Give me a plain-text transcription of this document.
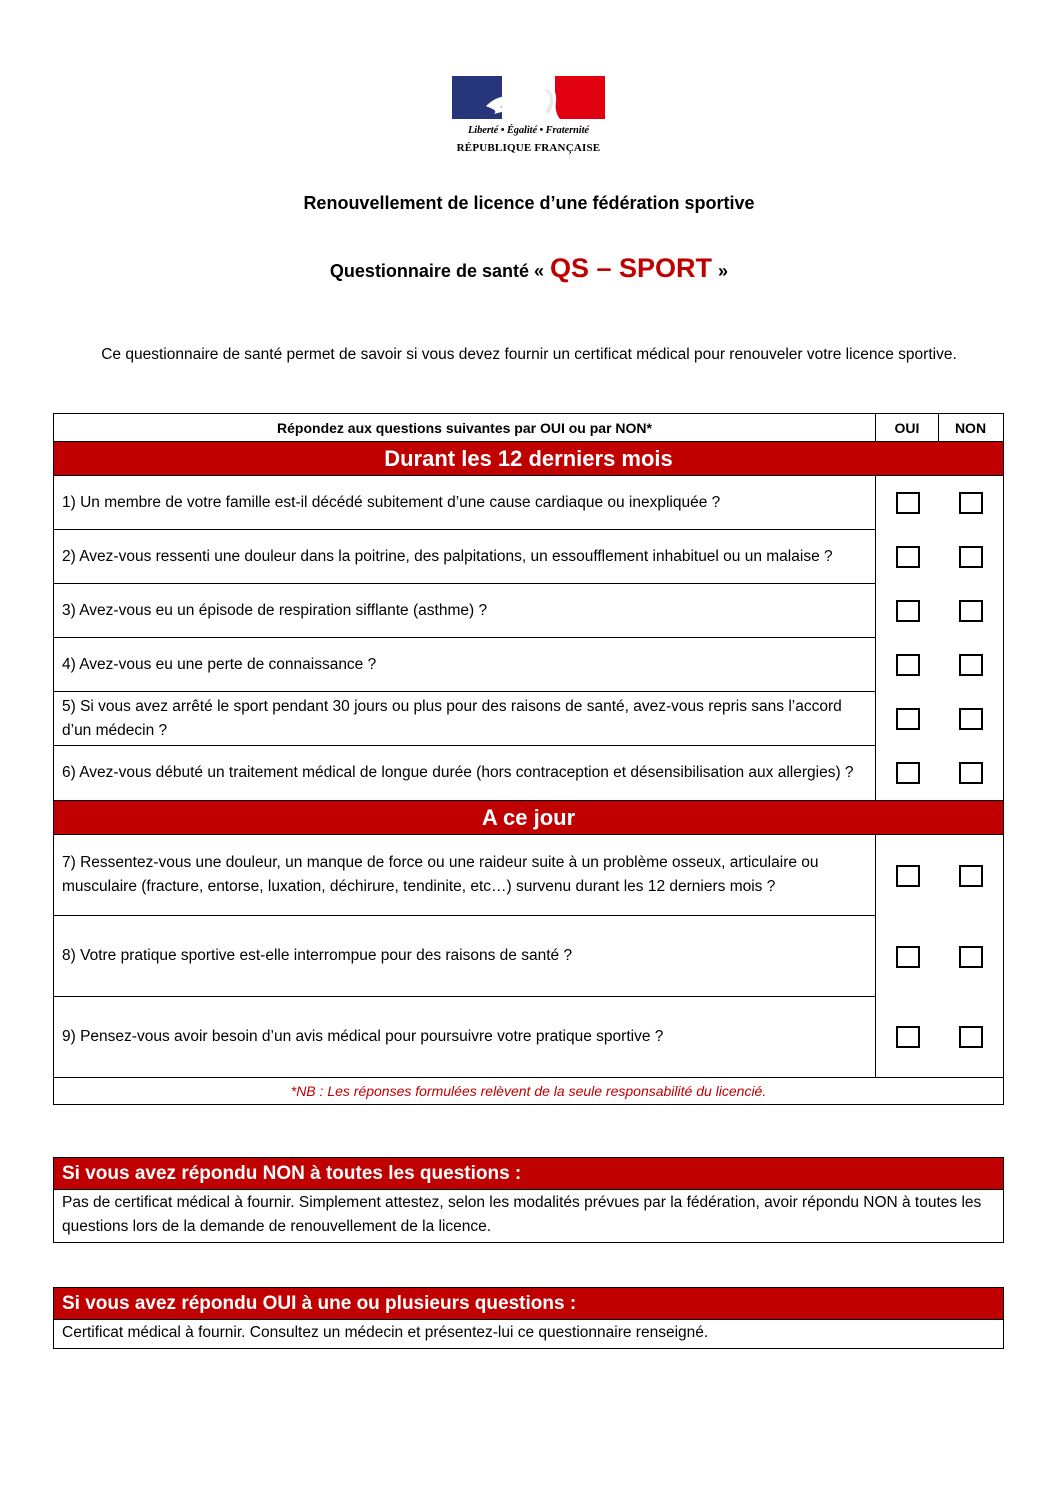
Liberté • Égalité • Fraternité
RÉPUBLIQUE FRANÇAISE
Renouvellement de licence d’une fédération sportive
Questionnaire de santé « QS – SPORT »
Ce questionnaire de santé permet de savoir si vous devez fournir un certificat médical pour renouveler votre licence sportive.
Répondez aux questions suivantes par OUI ou par NON*	OUI	NON
Durant les 12 derniers mois
1) Un membre de votre famille est-il décédé subitement d’une cause cardiaque ou inexpliquée ?
2) Avez-vous ressenti une douleur dans la poitrine, des palpitations, un essoufflement inhabituel ou un malaise ?
3) Avez-vous eu un épisode de respiration sifflante (asthme) ?
4) Avez-vous eu une perte de connaissance ?
5) Si vous avez arrêté le sport pendant 30 jours ou plus pour des raisons de santé, avez-vous repris sans l’accord d’un médecin ?
6) Avez-vous débuté un traitement médical de longue durée (hors contraception et désensibilisation aux allergies) ?
A ce jour
7) Ressentez-vous une douleur, un manque de force ou une raideur suite à un problème osseux, articulaire ou musculaire (fracture, entorse, luxation, déchirure, tendinite, etc…) survenu durant les 12 derniers mois ?
8) Votre pratique sportive est-elle interrompue pour des raisons de santé ?
9) Pensez-vous avoir besoin d’un avis médical pour poursuivre votre pratique sportive ?
*NB : Les réponses formulées relèvent de la seule responsabilité du licencié.
Si vous avez répondu NON à toutes les questions :
Pas de certificat médical à fournir. Simplement attestez, selon les modalités prévues par la fédération, avoir répondu NON à toutes les questions lors de la demande de renouvellement de la licence.
Si vous avez répondu OUI à une ou plusieurs questions :
Certificat médical à fournir. Consultez un médecin et présentez-lui ce questionnaire renseigné.
